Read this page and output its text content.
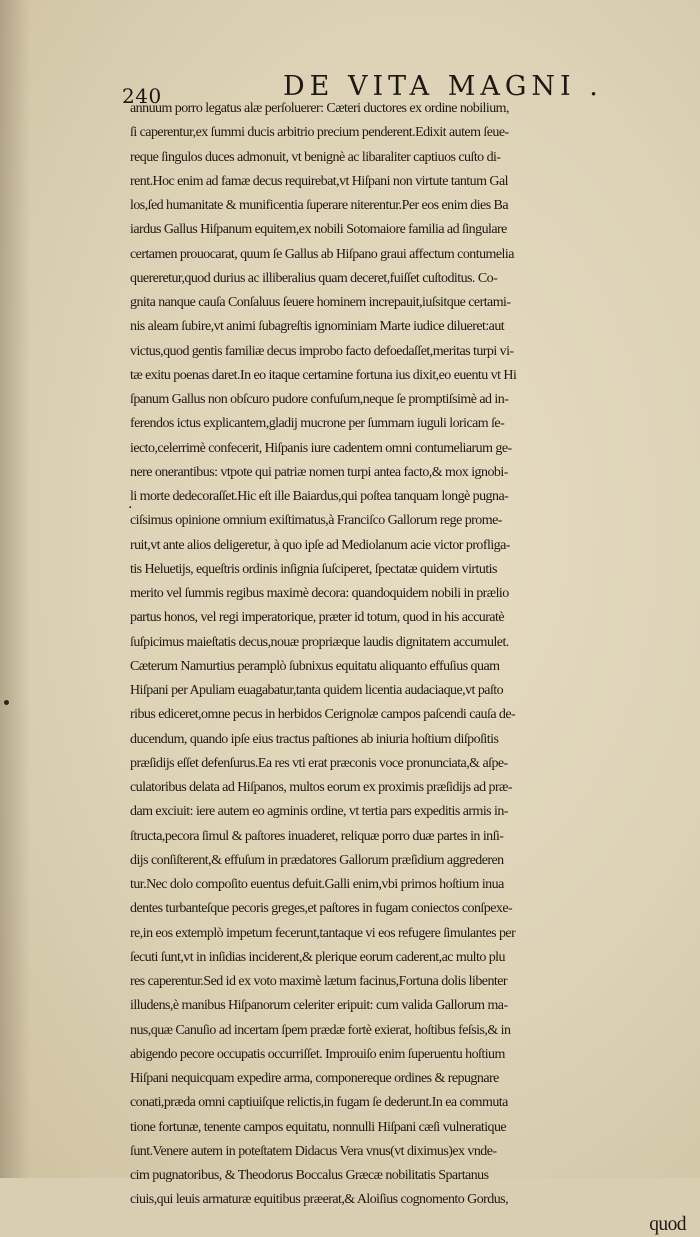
240	DE VITA MAGNI .
·
annuum porro legatus alæ perſoluerer: Cæteri ductores ex ordine nobilium,
ſi caperentur,ex ſummi ducis arbitrio precium penderent.Edixit autem ſeue-
reque ſingulos duces admonuit, vt benignè ac libaraliter captiuos cuſto di-
rent.Hoc enim ad famæ decus requirebat,vt Hiſpani non virtute tantum Gal
los,ſed humanitate & munificentia ſuperare niterentur.Per eos enim dies Ba
iardus Gallus Hiſpanum equitem,ex nobili Sotomaiore familia ad ſingulare
certamen prouocarat, quum ſe Gallus ab Hiſpano graui affectum contumelia
quereretur,quod durius ac illiberalius quam deceret,fuiſſet cuſtoditus. Co-
gnita nanque cauſa Conſaluus ſeuere hominem increpauit,iuſsitque certami-
nis aleam ſubire,vt animi ſubagreſtis ignominiam Marte iudice dilueret:aut
victus,quod gentis familiæ decus improbo facto defoedaſſet,meritas turpi vi-
tæ exitu poenas daret.In eo itaque certamine fortuna ius dixit,eo euentu vt Hi
ſpanum Gallus non obſcuro pudore confuſum,neque ſe promptiſsimè ad in-
ferendos ictus explicantem,gladij mucrone per ſummam iuguli loricam ſe-
iecto,celerrimè confecerit, Hiſpanis iure cadentem omni contumeliarum ge-
nere onerantibus: vtpote qui patriæ nomen turpi antea facto,& mox ignobi-
li morte dedecoraſſet.Hic eſt ille Baiardus,qui poſtea tanquam longè pugna-
ciſsimus opinione omnium exiſtimatus,à Franciſco Gallorum rege prome-
ruit,vt ante alios deligeretur, à quo ipſe ad Mediolanum acie victor profliga-
tis Heluetijs, equeſtris ordinis inſignia ſuſciperet, ſpectatæ quidem virtutis
merito vel ſummis regibus maximè decora: quandoquidem nobili in prælio
partus honos, vel regi imperatorique, præter id totum, quod in his accuratè
ſuſpicimus maieſtatis decus,nouæ propriæque laudis dignitatem accumulet.
Cæterum Namurtius peramplò ſubnixus equitatu aliquanto effuſius quam
Hiſpani per Apuliam euagabatur,tanta quidem licentia audaciaque,vt paſto
ribus ediceret,omne pecus in herbidos Cerignolæ campos paſcendi cauſa de-
ducendum, quando ipſe eius tractus paſtiones ab iniuria hoſtium diſpoſitis
præſidijs eſſet defenſurus.Ea res vti erat præconis voce pronunciata,& aſpe-
culatoribus delata ad Hiſpanos, multos eorum ex proximis præſidijs ad præ-
dam exciuit: iere autem eo agminis ordine, vt tertia pars expeditis armis in-
ſtructa,pecora ſimul & paſtores inuaderet, reliquæ porro duæ partes in inſi-
dijs conſiſterent,& effuſum in prædatores Gallorum præſidium aggrederen
tur.Nec dolo compoſito euentus defuit.Galli enim,vbi primos hoſtium inua
dentes turbanteſque pecoris greges,et paſtores in fugam coniectos conſpexe-
re,in eos extemplò impetum fecerunt,tantaque vi eos refugere ſimulantes per
ſecuti ſunt,vt in inſidias inciderent,& plerique eorum caderent,ac multo plu
res caperentur.Sed id ex voto maximè lætum facinus,Fortuna dolis libenter
illudens,è manibus Hiſpanorum celeriter eripuit: cum valida Gallorum ma-
nus,quæ Canuſio ad incertam ſpem prædæ fortè exierat, hoſtibus feſsis,& in
abigendo pecore occupatis occurriſſet. Improuiſo enim ſuperuentu hoſtium
Hiſpani nequicquam expedire arma, componereque ordines & repugnare
conati,præda omni captiuiſque relictis,in fugam ſe dederunt.In ea commuta
tione fortunæ, tenente campos equitatu, nonnulli Hiſpani cæſi vulneratique
ſunt.Venere autem in poteſtatem Didacus Vera vnus(vt diximus)ex vnde-
cim pugnatoribus, & Theodorus Boccalus Græcæ nobilitatis Spartanus
ciuis,qui leuis armaturæ equitibus præerat,& Aloiſius cognomento Gordus,
quod
